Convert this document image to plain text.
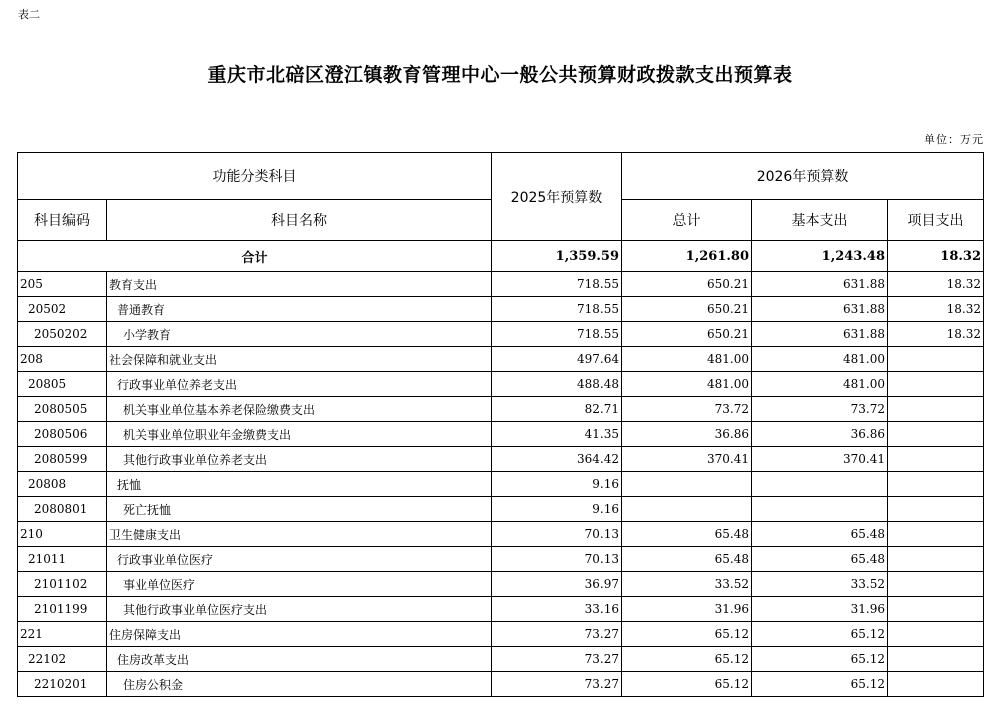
表二
重庆市北碚区澄江镇教育管理中心一般公共预算财政拨款支出预算表
单位：万元
功能分类科目		2025年预算数	2026年预算数		
科目编码	科目名称		总计	基本支出	项目支出
合计		1,359.59	1,261.80	1,243.48	18.32
205	教育支出	718.55	650.21	631.88	18.32
20502	普通教育	718.55	650.21	631.88	18.32
2050202	小学教育	718.55	650.21	631.88	18.32
208	社会保障和就业支出	497.64	481.00	481.00	
20805	行政事业单位养老支出	488.48	481.00	481.00	
2080505	机关事业单位基本养老保险缴费支出	82.71	73.72	73.72	
2080506	机关事业单位职业年金缴费支出	41.35	36.86	36.86	
2080599	其他行政事业单位养老支出	364.42	370.41	370.41	
20808	抚恤	9.16			
2080801	死亡抚恤	9.16			
210	卫生健康支出	70.13	65.48	65.48	
21011	行政事业单位医疗	70.13	65.48	65.48	
2101102	事业单位医疗	36.97	33.52	33.52	
2101199	其他行政事业单位医疗支出	33.16	31.96	31.96	
221	住房保障支出	73.27	65.12	65.12	
22102	住房改革支出	73.27	65.12	65.12	
2210201	住房公积金	73.27	65.12	65.12	
